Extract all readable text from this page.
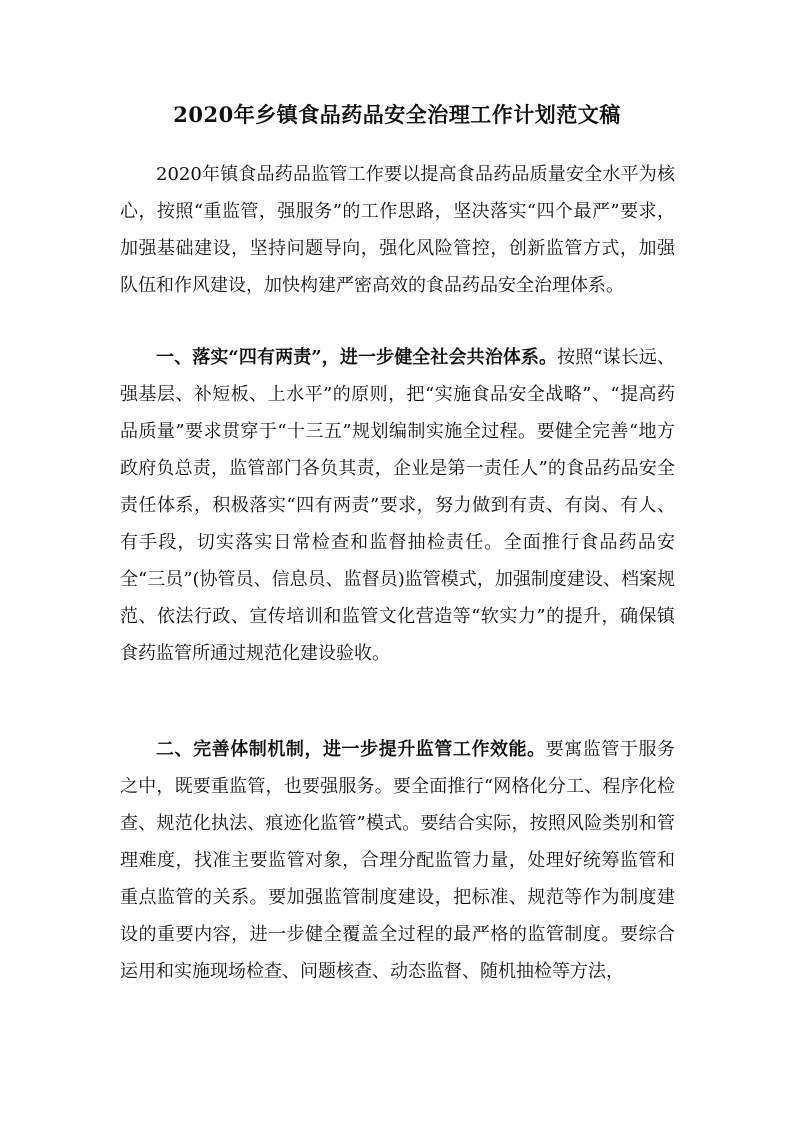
2020年乡镇食品药品安全治理工作计划范文稿

2020年镇食品药品监管工作要以提高食品药品质量安全水平为核心，按照“重监管，强服务”的工作思路，坚决落实“四个最严”要求，加强基础建设，坚持问题导向，强化风险管控，创新监管方式，加强队伍和作风建设，加快构建严密高效的食品药品安全治理体系。

一、落实“四有两责”，进一步健全社会共治体系。按照“谋长远、强基层、补短板、上水平”的原则，把“实施食品安全战略”、“提高药品质量”要求贯穿于“十三五”规划编制实施全过程。要健全完善“地方政府负总责，监管部门各负其责，企业是第一责任人”的食品药品安全责任体系，积极落实“四有两责”要求，努力做到有责、有岗、有人、有手段，切实落实日常检查和监督抽检责任。全面推行食品药品安全“三员”(协管员、信息员、监督员)监管模式，加强制度建设、档案规范、依法行政、宣传培训和监管文化营造等“软实力”的提升，确保镇食药监管所通过规范化建设验收。

二、完善体制机制，进一步提升监管工作效能。要寓监管于服务之中，既要重监管，也要强服务。要全面推行“网格化分工、程序化检查、规范化执法、痕迹化监管”模式。要结合实际，按照风险类别和管理难度，找准主要监管对象，合理分配监管力量，处理好统筹监管和重点监管的关系。要加强监管制度建设，把标准、规范等作为制度建设的重要内容，进一步健全覆盖全过程的最严格的监管制度。要综合运用和实施现场检查、问题核查、动态监督、随机抽检等方法，
